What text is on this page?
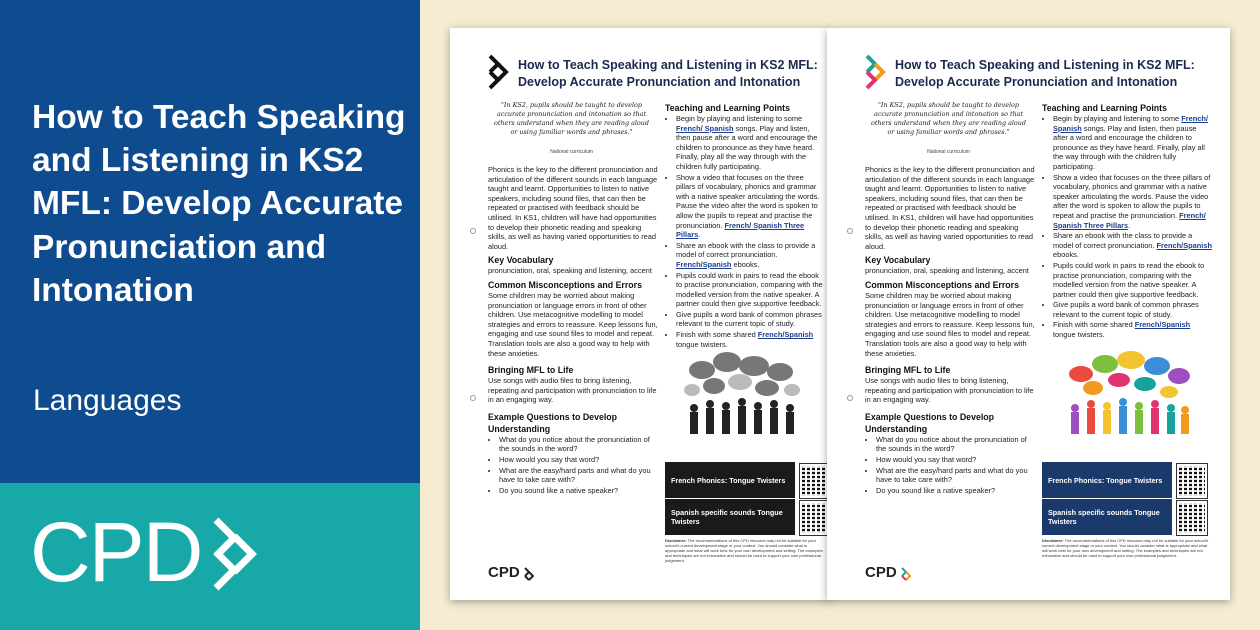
How to Teach Speaking and Listening in KS2 MFL: Develop Accurate Pronunciation and Intonation
Languages
CPD
How to Teach Speaking and Listening in KS2 MFL:
Develop Accurate Pronunciation and Intonation
"In KS2, pupils should be taught to develop accurate pronunciation and intonation so that others understand when they are reading aloud or using familiar words and phrases."
National curriculum

Phonics is the key to the different pronunciation and articulation of the different sounds in each language taught and learnt. Opportunities to listen to native speakers, including sound files, that can then be repeated or practised with feedback should be utilised. In KS1, children will have had opportunities to develop their phonetic reading and speaking skills, as well as having varied opportunities to read aloud.

Key Vocabulary

pronunciation, oral, speaking and listening, accent

Common Misconceptions and Errors

Some children may be worried about making pronunciation or language errors in front of other children. Use metacognitive modelling to model strategies and errors to reassure. Keep lessons fun, engaging and use sound files to model and repeat. Translation tools are also a good way to help with these anxieties.

Bringing MFL to Life

Use songs with audio files to bring listening, repeating and participation with pronunciation to life in an engaging way.

Example Questions to Develop Understanding
• What do you notice about the pronunciation of the sounds in the word?
• How would you say that word?
• What are the easy/hard parts and what do you have to take care with?
• Do you sound like a native speaker?
Teaching and Learning Points
• Begin by playing and listening to some French/ Spanish songs. Play and listen, then pause after a word and encourage the children to pronounce as they have heard. Finally, play all the way through with the children fully participating.
• Show a video that focuses on the three pillars of vocabulary, phonics and grammar with a native speaker articulating the words. Pause the video after the word is spoken to allow the pupils to repeat and practise the pronunciation. French/ Spanish Three Pillars.
• Share an ebook with the class to provide a model of correct pronunciation. French/Spanish ebooks.
• Pupils could work in pairs to read the ebook to practise pronunciation, comparing with the modelled version from the native speaker. A partner could then give supportive feedback.
• Give pupils a word bank of common phrases relevant to the current topic of study.
• Finish with some shared French/Spanish tongue twisters.
French Phonics: Tongue Twisters
Spanish specific sounds Tongue Twisters
Disclaimer: The recommendations of this CPD resource may not be suitable for your school's current development stage or your context. You should consider what is appropriate and what will work best for your own development and setting. The examples and techniques are not exhaustive and should be used to support your own professional judgement.
CPD
How to Teach Speaking and Listening in KS2 MFL:
Develop Accurate Pronunciation and Intonation
"In KS2, pupils should be taught to develop accurate pronunciation and intonation so that others understand when they are reading aloud or using familiar words and phrases."
National curriculum

Phonics is the key to the different pronunciation and articulation of the different sounds in each language taught and learnt. Opportunities to listen to native speakers, including sound files, that can then be repeated or practised with feedback should be utilised. In KS1, children will have had opportunities to develop their phonetic reading and speaking skills, as well as having varied opportunities to read aloud.

Key Vocabulary

pronunciation, oral, speaking and listening, accent

Common Misconceptions and Errors

Some children may be worried about making pronunciation or language errors in front of other children. Use metacognitive modelling to model strategies and errors to reassure. Keep lessons fun, engaging and use sound files to model and repeat. Translation tools are also a good way to help with these anxieties.

Bringing MFL to Life

Use songs with audio files to bring listening, repeating and participation with pronunciation to life in an engaging way.

Example Questions to Develop Understanding
• What do you notice about the pronunciation of the sounds in the word?
• How would you say that word?
• What are the easy/hard parts and what do you have to take care with?
• Do you sound like a native speaker?
Teaching and Learning Points
• Begin by playing and listening to some French/ Spanish songs. Play and listen, then pause after a word and encourage the children to pronounce as they have heard. Finally, play all the way through with the children fully participating.
• Show a video that focuses on the three pillars of vocabulary, phonics and grammar with a native speaker articulating the words. Pause the video after the word is spoken to allow the pupils to repeat and practise the pronunciation. French/ Spanish Three Pillars.
• Share an ebook with the class to provide a model of correct pronunciation. French/Spanish ebooks.
• Pupils could work in pairs to read the ebook to practise pronunciation, comparing with the modelled version from the native speaker. A partner could then give supportive feedback.
• Give pupils a word bank of common phrases relevant to the current topic of study.
• Finish with some shared French/Spanish tongue twisters.
French Phonics: Tongue Twisters
Spanish specific sounds Tongue Twisters
Disclaimer: The recommendations of this CPD resource may not be suitable for your school's current development stage or your context. You should consider what is appropriate and what will work best for your own development and setting. The examples and techniques are not exhaustive and should be used to support your own professional judgement.
CPD
